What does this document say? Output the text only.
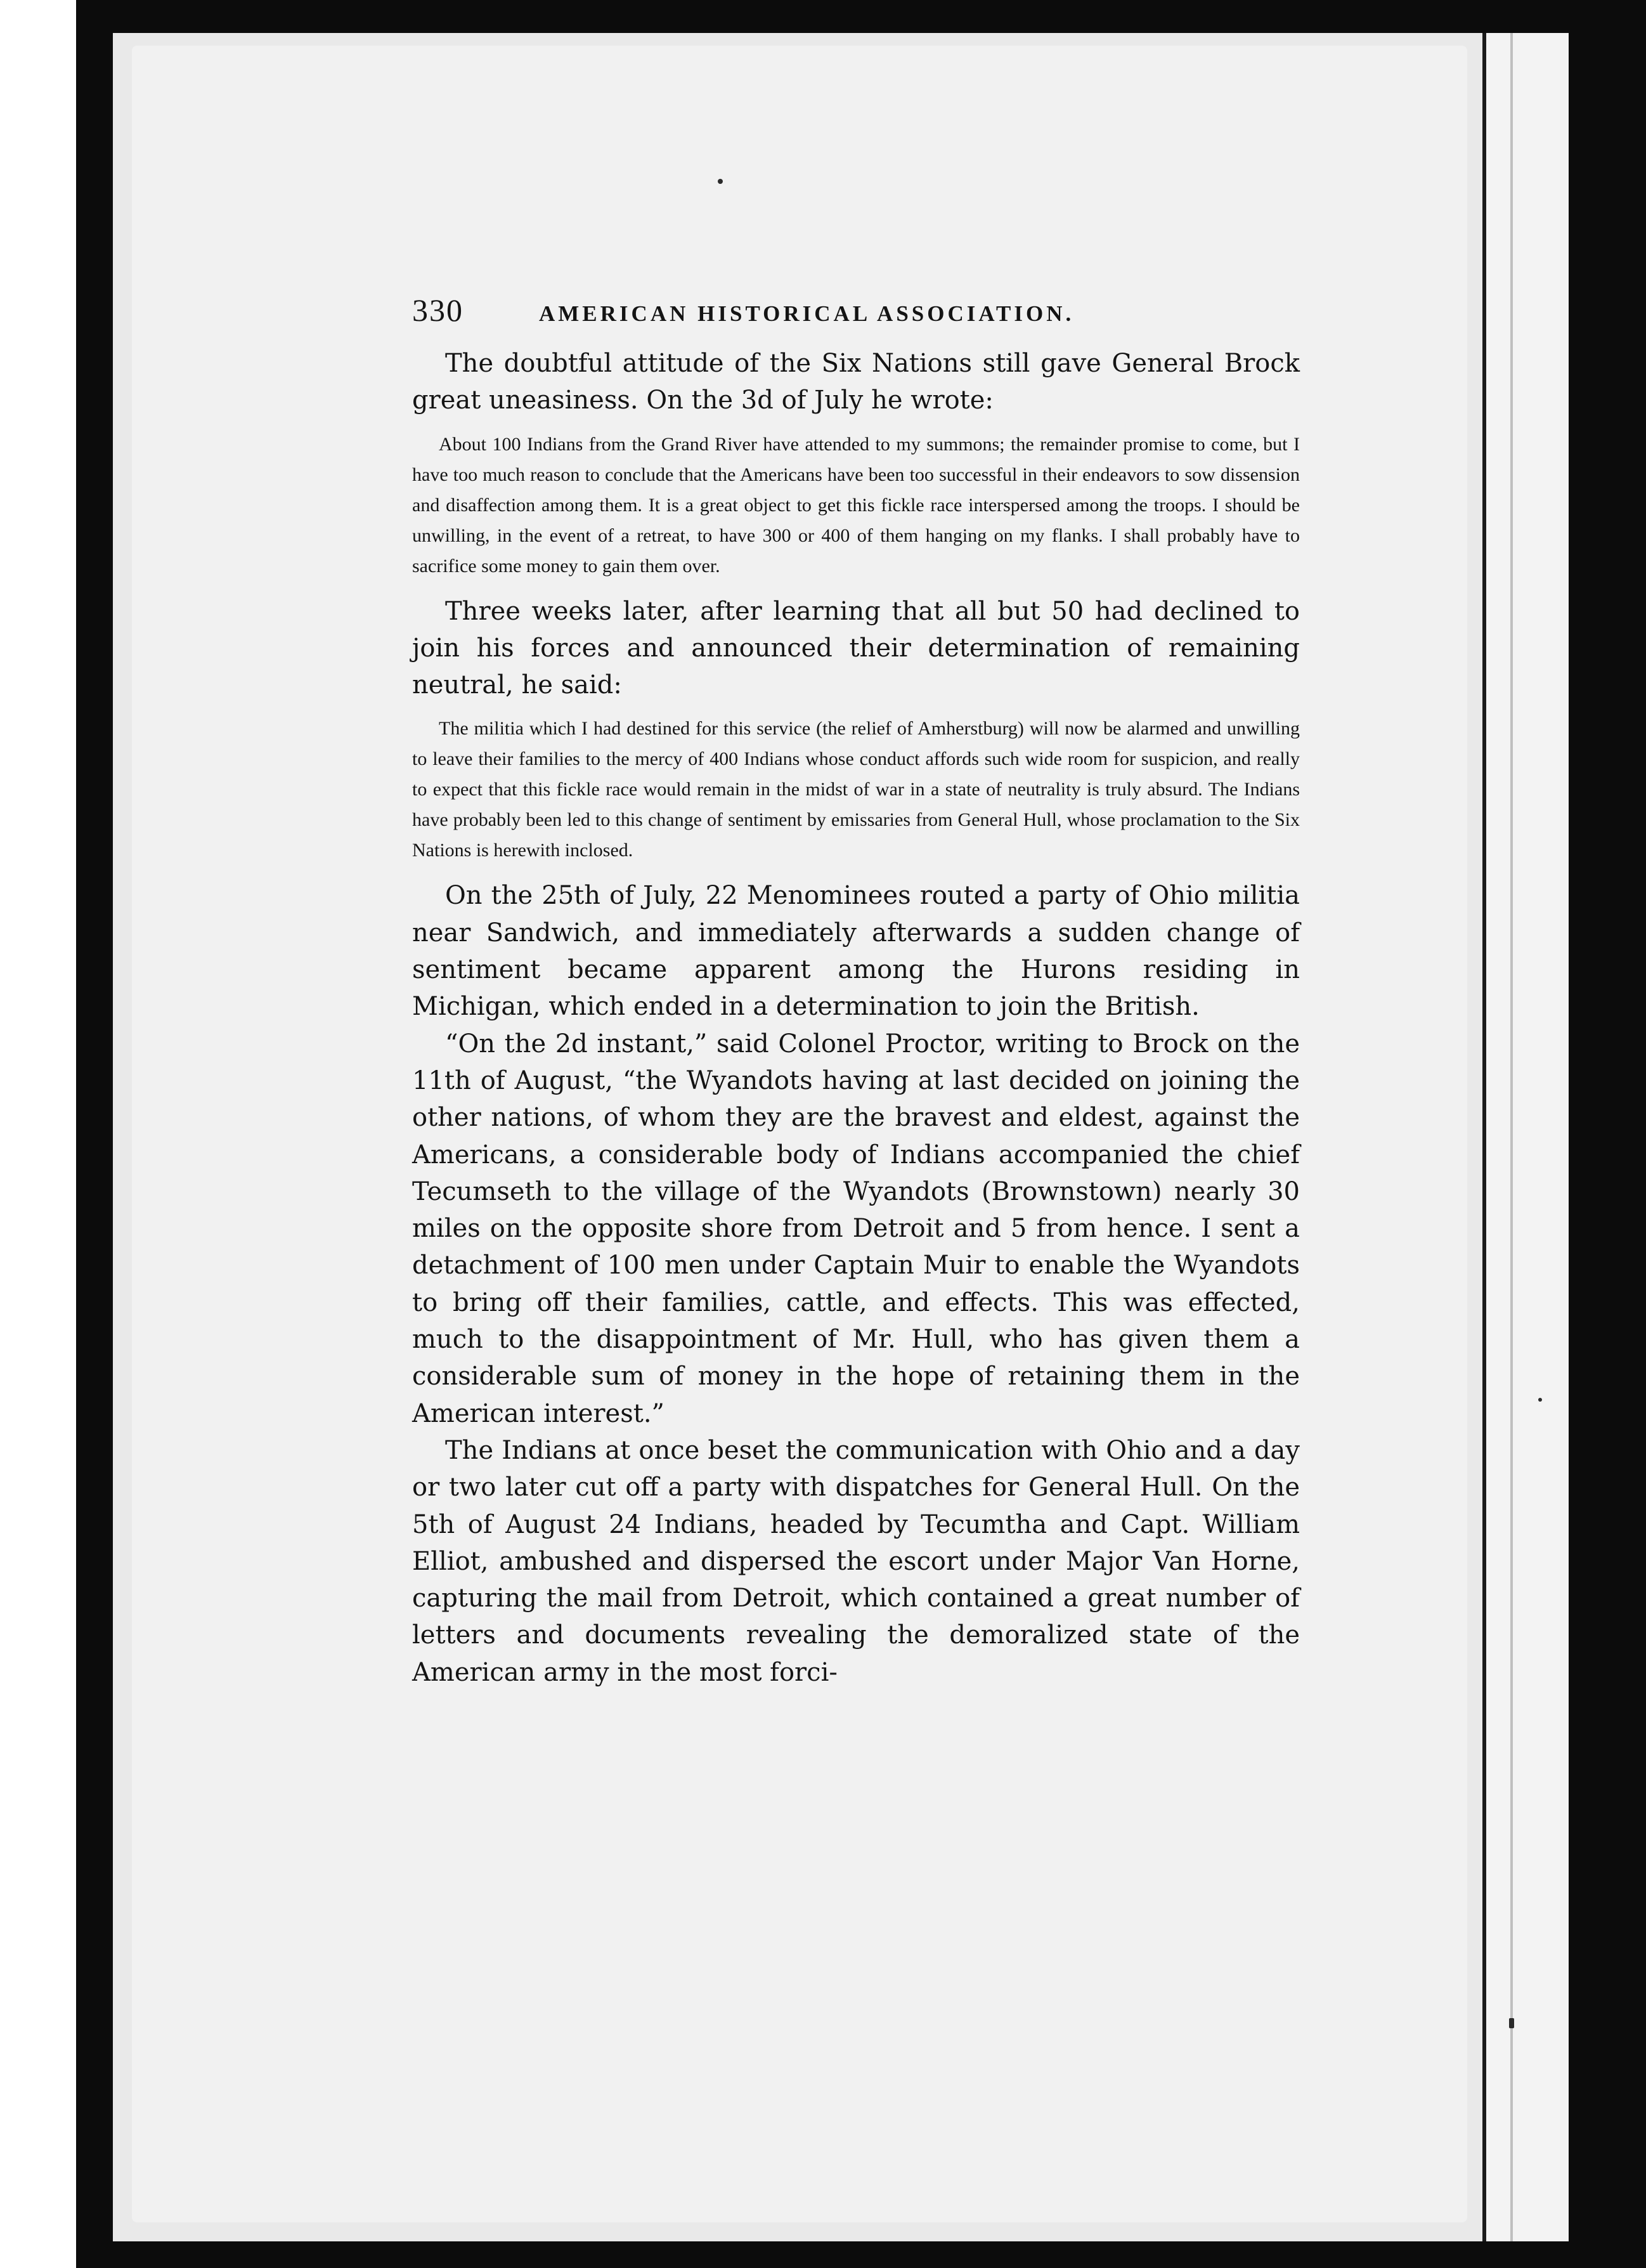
330	AMERICAN HISTORICAL ASSOCIATION.

The doubtful attitude of the Six Nations still gave General Brock great uneasiness. On the 3d of July he wrote:

About 100 Indians from the Grand River have attended to my summons; the remainder promise to come, but I have too much reason to conclude that the Americans have been too successful in their endeavors to sow dissension and disaffection among them. It is a great object to get this fickle race interspersed among the troops. I should be unwilling, in the event of a retreat, to have 300 or 400 of them hanging on my flanks. I shall probably have to sacrifice some money to gain them over.

Three weeks later, after learning that all but 50 had declined to join his forces and announced their determination of remaining neutral, he said:

The militia which I had destined for this service (the relief of Amherstburg) will now be alarmed and unwilling to leave their families to the mercy of 400 Indians whose conduct affords such wide room for suspicion, and really to expect that this fickle race would remain in the midst of war in a state of neutrality is truly absurd. The Indians have probably been led to this change of sentiment by emissaries from General Hull, whose proclamation to the Six Nations is herewith inclosed.

On the 25th of July, 22 Menominees routed a party of Ohio militia near Sandwich, and immediately afterwards a sudden change of sentiment became apparent among the Hurons residing in Michigan, which ended in a determination to join the British.

“On the 2d instant,” said Colonel Proctor, writing to Brock on the 11th of August, “the Wyandots having at last decided on joining the other nations, of whom they are the bravest and eldest, against the Americans, a considerable body of Indians accompanied the chief Tecumseth to the village of the Wyandots (Brownstown) nearly 30 miles on the opposite shore from Detroit and 5 from hence. I sent a detachment of 100 men under Captain Muir to enable the Wyandots to bring off their families, cattle, and effects. This was effected, much to the disappointment of Mr. Hull, who has given them a considerable sum of money in the hope of retaining them in the American interest.”

The Indians at once beset the communication with Ohio and a day or two later cut off a party with dispatches for General Hull. On the 5th of August 24 Indians, headed by Tecumtha and Capt. William Elliot, ambushed and dispersed the escort under Major Van Horne, capturing the mail from Detroit, which contained a great number of letters and documents revealing the demoralized state of the American army in the most forci-
